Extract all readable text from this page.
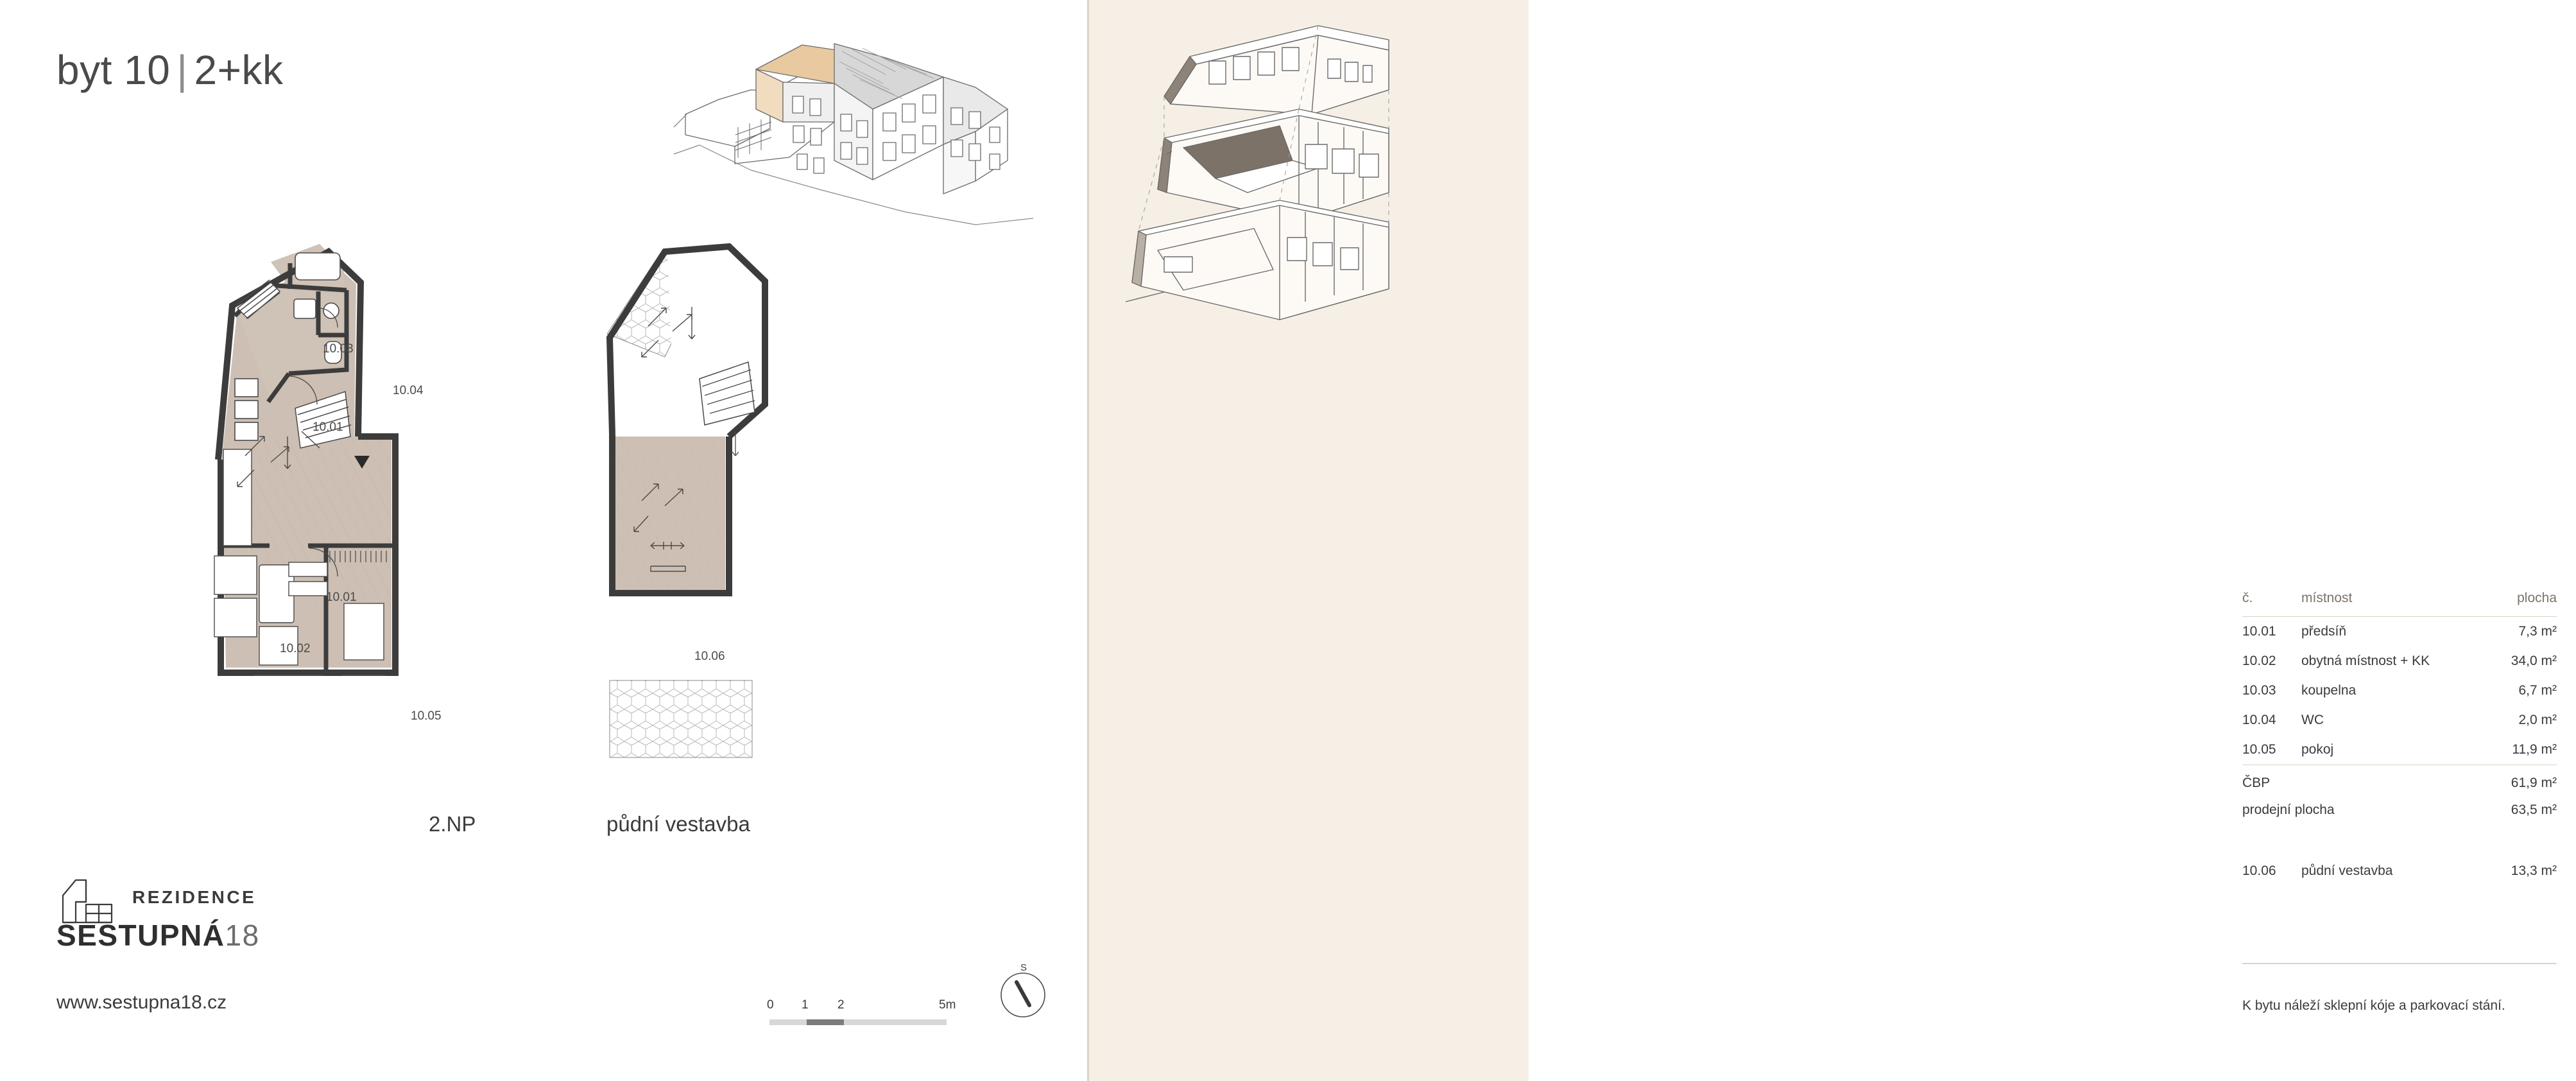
č.	místnost	plocha
10.01	předsíň	7,3 m²
10.02	obytná místnost + KK	34,0 m²
10.03	koupelna	6,7 m²
10.04	WC	2,0 m²
10.05	pokoj	11,9 m²
ČBP		61,9 m²
prodejní plocha		63,5 m²
10.06	půdní vestavba	13,3 m²
K bytu náleží sklepní kóje a parkovací stání.
byt 10 | 2+kk
10.01
10.02
10.03
10.04
10.05
10.01
10.06
2.NP	půdní vestavba
0 1 2	5m
S
REZIDENCE
SESTUPNÁ18
www.sestupna18.cz
